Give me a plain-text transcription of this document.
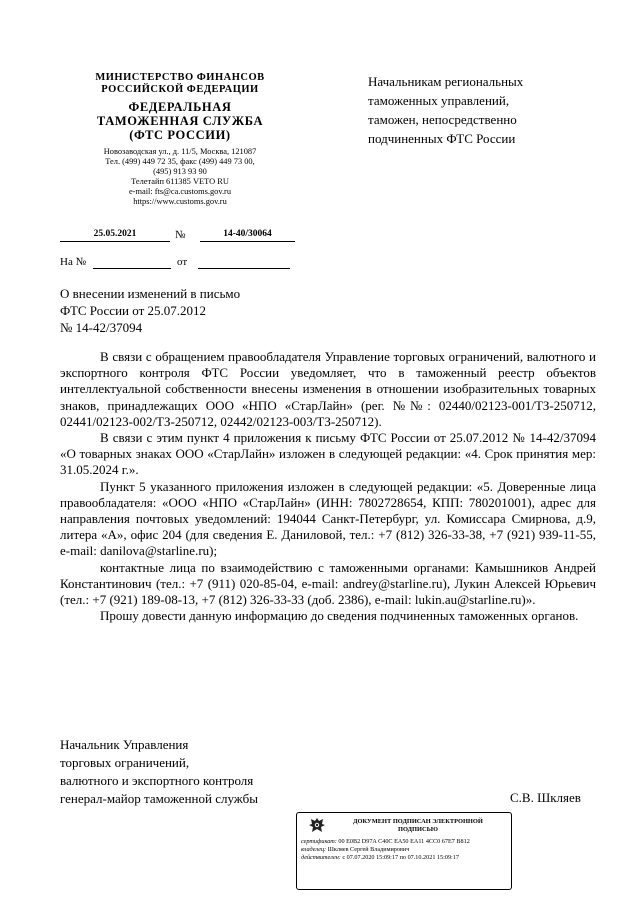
МИНИСТЕРСТВО ФИНАНСОВ
РОССИЙСКОЙ ФЕДЕРАЦИИ
ФЕДЕРАЛЬНАЯ
ТАМОЖЕННАЯ СЛУЖБА
(ФТС РОССИИ)
Новозаводская ул., д. 11/5, Москва, 121087
Тел. (499) 449 72 35, факс (499) 449 73 00,
(495) 913 93 90
Телетайп 611385 VETO RU
e-mail: fts@ca.customs.gov.ru
https://www.customs.gov.ru
25.05.2021	№	14-40/30064
На №	от
Начальникам региональных
таможенных управлений,
таможен, непосредственно
подчиненных ФТС России
О внесении изменений в письмо
ФТС России от 25.07.2012
№ 14-42/37094

В связи с обращением правообладателя Управление торговых ограничений, валютного и экспортного контроля ФТС России уведомляет, что в таможенный реестр объектов интеллектуальной собственности внесены изменения в отношении изобразительных товарных знаков, принадлежащих ООО «НПО «СтарЛайн» (рег. №№: 02440/02123-001/ТЗ-250712, 02441/02123-002/ТЗ-250712, 02442/02123-003/ТЗ-250712).

В связи с этим пункт 4 приложения к письму ФТС России от 25.07.2012 № 14-42/37094 «О товарных знаках ООО «СтарЛайн» изложен в следующей редакции: «4. Срок принятия мер: 31.05.2024 г.».

Пункт 5 указанного приложения изложен в следующей редакции: «5. Доверенные лица правообладателя: «ООО «НПО «СтарЛайн» (ИНН: 7802728654, КПП: 780201001), адрес для направления почтовых уведомлений: 194044 Санкт-Петербург, ул. Комиссара Смирнова, д.9, литера «А», офис 204 (для сведения Е. Даниловой, тел.: +7 (812) 326-33-38, +7 (921) 939-11-55, e-mail: danilova@starline.ru);

контактные лица по взаимодействию с таможенными органами: Камышников Андрей Константинович (тел.: +7 (911) 020-85-04, e-mail: andrey@starline.ru), Лукин Алексей Юрьевич (тел.: +7 (921) 189-08-13, +7 (812) 326-33-33 (доб. 2386), e-mail: lukin.au@starline.ru)».

Прошу довести данную информацию до сведения подчиненных таможенных органов.

Начальник Управления
торговых ограничений,
валютного и экспортного контроля
генерал-майор таможенной службы	С.В. Шкляев
ДОКУМЕНТ ПОДПИСАН ЭЛЕКТРОННОЙ
ПОДПИСЬЮ
сертификат: 00 E0B2 D97A C40C EA50 EA11 4CC0 67E7 B812
владелец: Шкляев Сергей Владимирович
действителен: с 07.07.2020 15:09:17 по 07.10.2021 15:09:17
